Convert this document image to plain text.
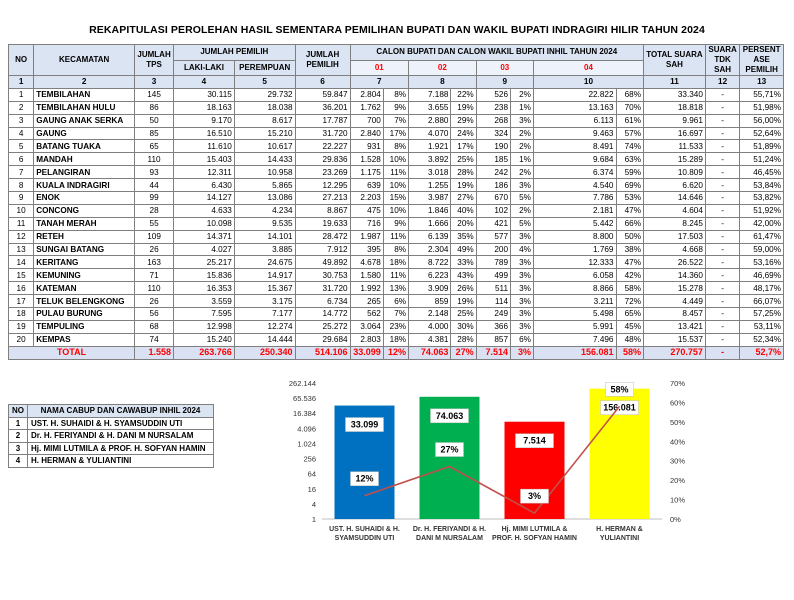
REKAPITULASI PEROLEHAN HASIL SEMENTARA PEMILIHAN BUPATI DAN WAKIL BUPATI INDRAGIRI HILIR TAHUN 2024
NO	KECAMATAN	JUMLAH TPS	JUMLAH PEMILIH		JUMLAH PEMILIH	CALON BUPATI DAN CALON WAKIL BUPATI INHIL TAHUN 2024								TOTAL SUARA SAH	SUARA TDK SAH	PERSENT ASE PEMILIH
			LAKI-LAKI	PEREMPUAN		01		02		03		04				
1	2	3	4	5	6	7		8		9		10		11	12	13
1	TEMBILAHAN	145	30.115	29.732	59.847	2.804	8%	7.188	22%	526	2%	22.822	68%	33.340	-	55,71%
2	TEMBILAHAN HULU	86	18.163	18.038	36.201	1.762	9%	3.655	19%	238	1%	13.163	70%	18.818	-	51,98%
3	GAUNG ANAK SERKA	50	9.170	8.617	17.787	700	7%	2.880	29%	268	3%	6.113	61%	9.961	-	56,00%
4	GAUNG	85	16.510	15.210	31.720	2.840	17%	4.070	24%	324	2%	9.463	57%	16.697	-	52,64%
5	BATANG TUAKA	65	11.610	10.617	22.227	931	8%	1.921	17%	190	2%	8.491	74%	11.533	-	51,89%
6	MANDAH	110	15.403	14.433	29.836	1.528	10%	3.892	25%	185	1%	9.684	63%	15.289	-	51,24%
7	PELANGIRAN	93	12.311	10.958	23.269	1.175	11%	3.018	28%	242	2%	6.374	59%	10.809	-	46,45%
8	KUALA INDRAGIRI	44	6.430	5.865	12.295	639	10%	1.255	19%	186	3%	4.540	69%	6.620	-	53,84%
9	ENOK	99	14.127	13.086	27.213	2.203	15%	3.987	27%	670	5%	7.786	53%	14.646	-	53,82%
10	CONCONG	28	4.633	4.234	8.867	475	10%	1.846	40%	102	2%	2.181	47%	4.604	-	51,92%
11	TANAH MERAH	55	10.098	9.535	19.633	716	9%	1.666	20%	421	5%	5.442	66%	8.245	-	42,00%
12	RETEH	109	14.371	14.101	28.472	1.987	11%	6.139	35%	577	3%	8.800	50%	17.503	-	61,47%
13	SUNGAI BATANG	26	4.027	3.885	7.912	395	8%	2.304	49%	200	4%	1.769	38%	4.668	-	59,00%
14	KERITANG	163	25.217	24.675	49.892	4.678	18%	8.722	33%	789	3%	12.333	47%	26.522	-	53,16%
15	KEMUNING	71	15.836	14.917	30.753	1.580	11%	6.223	43%	499	3%	6.058	42%	14.360	-	46,69%
16	KATEMAN	110	16.353	15.367	31.720	1.992	13%	3.909	26%	511	3%	8.866	58%	15.278	-	48,17%
17	TELUK BELENGKONG	26	3.559	3.175	6.734	265	6%	859	19%	114	3%	3.211	72%	4.449	-	66,07%
18	PULAU BURUNG	56	7.595	7.177	14.772	562	7%	2.148	25%	249	3%	5.498	65%	8.457	-	57,25%
19	TEMPULING	68	12.998	12.274	25.272	3.064	23%	4.000	30%	366	3%	5.991	45%	13.421	-	53,11%
20	KEMPAS	74	15.240	14.444	29.684	2.803	18%	4.381	28%	857	6%	7.496	48%	15.537	-	52,34%
TOTAL		1.558	263.766	250.340	514.106	33.099	12%	74.063	27%	7.514	3%	156.081	58%	270.757	-	52,7%
NO	NAMA CABUP DAN CAWABUP INHIL 2024
1	UST. H. SUHAIDI & H. SYAMSUDDIN UTI
2	Dr. H. FERIYANDI & H. DANI M NURSALAM
3	Hj. MIMI LUTMILA & PROF. H. SOFYAN HAMIN
4	H. HERMAN & YULIANTINI
262.144
65.536
16.384
4.096
1.024
256
64
16
4
1
70%
60%
50%
40%
30%
20%
10%
0%
33.099
74.063
7.514
156.081
12%
27%
3%
58%
UST. H. SUHAIDI & H.
SYAMSUDDIN UTI
Dr. H. FERIYANDI & H.
DANI M NURSALAM
Hj. MIMI LUTMILA &
PROF. H. SOFYAN HAMIN
H. HERMAN &
YULIANTINI
